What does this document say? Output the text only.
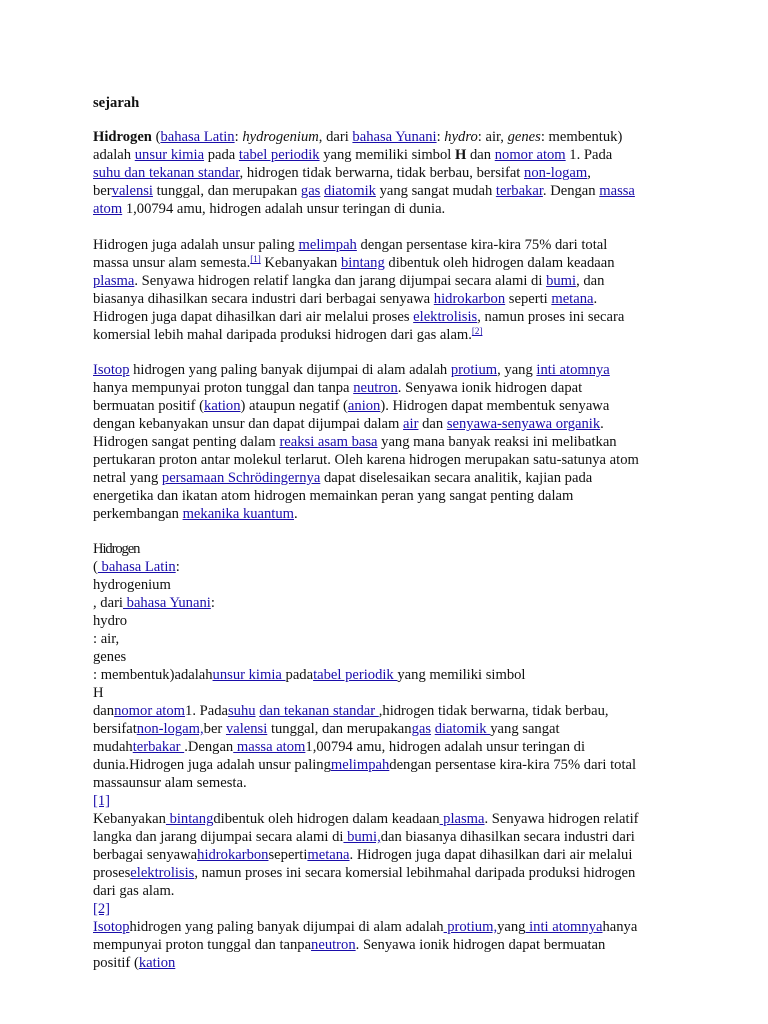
sejarah
Hidrogen (bahasa Latin: hydrogenium, dari bahasa Yunani: hydro: air, genes: membentuk)
adalah unsur kimia pada tabel periodik yang memiliki simbol H dan nomor atom 1. Pada
suhu dan tekanan standar, hidrogen tidak berwarna, tidak berbau, bersifat non-logam,
bervalensi tunggal, dan merupakan gas diatomik yang sangat mudah terbakar. Dengan massa
atom 1,00794 amu, hidrogen adalah unsur teringan di dunia.
Hidrogen juga adalah unsur paling melimpah dengan persentase kira-kira 75% dari total
massa unsur alam semesta.[1] Kebanyakan bintang dibentuk oleh hidrogen dalam keadaan
plasma. Senyawa hidrogen relatif langka dan jarang dijumpai secara alami di bumi, dan
biasanya dihasilkan secara industri dari berbagai senyawa hidrokarbon seperti metana.
Hidrogen juga dapat dihasilkan dari air melalui proses elektrolisis, namun proses ini secara
komersial lebih mahal daripada produksi hidrogen dari gas alam.[2]
Isotop hidrogen yang paling banyak dijumpai di alam adalah protium, yang inti atomnya
hanya mempunyai proton tunggal dan tanpa neutron. Senyawa ionik hidrogen dapat
bermuatan positif (kation) ataupun negatif (anion). Hidrogen dapat membentuk senyawa
dengan kebanyakan unsur dan dapat dijumpai dalam air dan senyawa-senyawa organik.
Hidrogen sangat penting dalam reaksi asam basa yang mana banyak reaksi ini melibatkan
pertukaran proton antar molekul terlarut. Oleh karena hidrogen merupakan satu-satunya atom
netral yang persamaan Schrödingernya dapat diselesaikan secara analitik, kajian pada
energetika dan ikatan atom hidrogen memainkan peran yang sangat penting dalam
perkembangan mekanika kuantum.
Hidrogen
( bahasa Latin:
hydrogenium
, dari bahasa Yunani:
hydro
: air,
genes
: membentuk)adalahunsur kimia padatabel periodik yang memiliki simbol
H
dannomor atom1. Padasuhu dan tekanan standar ,hidrogen tidak berwarna, tidak berbau,
bersifatnon-logam,ber valensi tunggal, dan merupakangas diatomik yang sangat
mudahterbakar .Dengan massa atom1,00794 amu, hidrogen adalah unsur teringan di
dunia.Hidrogen juga adalah unsur palingmelimpahdengan persentase kira-kira 75% dari total
massaunsur alam semesta.
[1]
Kebanyakan bintangdibentuk oleh hidrogen dalam keadaan plasma. Senyawa hidrogen relatif
langka dan jarang dijumpai secara alami di bumi,dan biasanya dihasilkan secara industri dari
berbagai senyawahidrokarbonsepertimetana. Hidrogen juga dapat dihasilkan dari air melalui
proseselektrolisis, namun proses ini secara komersial lebihmahal daripada produksi hidrogen
dari gas alam.
[2]
Isotophidrogen yang paling banyak dijumpai di alam adalah protium,yang inti atomnyahanya
mempunyai proton tunggal dan tanpaneutron. Senyawa ionik hidrogen dapat bermuatan
positif (kation
